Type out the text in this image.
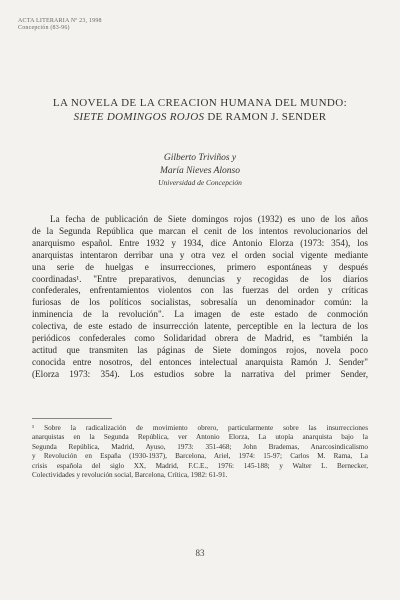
ACTA LITERARIA Nº 23, 1998
Concepción (83-96)
LA NOVELA DE LA CREACION HUMANA DEL MUNDO:
SIETE DOMINGOS ROJOS DE RAMON J. SENDER
Gilberto Triviños y
María Nieves Alonso
Universidad de Concepción
La fecha de publicación de Siete domingos rojos (1932) es uno de los años
de la Segunda República que marcan el cenit de los intentos revolucionarios del
anarquismo español. Entre 1932 y 1934, dice Antonio Elorza (1973: 354), los
anarquistas intentaron derribar una y otra vez el orden social vigente mediante
una serie de huelgas e insurrecciones, primero espontáneas y después
coordinadas¹. "Entre preparativos, denuncias y recogidas de los diarios
confederales, enfrentamientos violentos con las fuerzas del orden y críticas
furiosas de los políticos socialistas, sobresalía un denominador común: la
inminencia de la revolución". La imagen de este estado de conmoción
colectiva, de este estado de insurrección latente, perceptible en la lectura de los
periódicos confederales como Solidaridad obrera de Madrid, es "también la
actitud que transmiten las páginas de Siete domingos rojos, novela poco
conocida entre nosotros, del entonces intelectual anarquista Ramón J. Sender"
(Elorza 1973: 354). Los estudios sobre la narrativa del primer Sender,
¹ Sobre la radicalización de movimiento obrero, particularmente sobre las insurrecciones
anarquistas en la Segunda República, ver Antonio Elorza, La utopía anarquista bajo la
Segunda República, Madrid, Ayuso, 1973: 351-468; John Brademas, Anarcosindicalismo
y Revolución en España (1930-1937), Barcelona, Ariel, 1974: 15-97; Carlos M. Rama, La
crisis española del siglo XX, Madrid, F.C.E., 1976: 145-188; y Walter L. Bernecker,
Colectividades y revolución social, Barcelona, Crítica, 1982: 61-91.
83
